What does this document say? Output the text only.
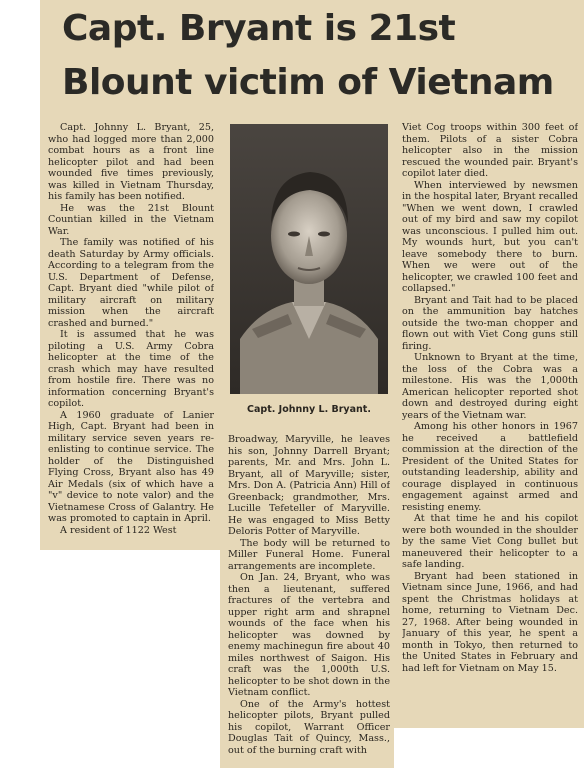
Capt. Bryant is 21st
Blount victim of Vietnam

Capt. Johnny L. Bryant, 25, who had logged more than 2,000 combat hours as a front line helicopter pilot and had been wounded five times previously, was killed in Vietnam Thursday, his family has been notified.

He was the 21st Blount Countian killed in the Vietnam War.

The family was notified of his death Saturday by Army officials. According to a telegram from the U.S. Department of Defense, Capt. Bryant died "while pilot of military aircraft on military mission when the aircraft crashed and burned."

It is assumed that he was piloting a U.S. Army Cobra helicopter at the time of the crash which may have resulted from hostile fire. There was no information concerning Bryant's copilot.

A 1960 graduate of Lanier High, Capt. Bryant had been in military service seven years re-enlisting to continue service. The holder of the Distinguished Flying Cross, Bryant also has 49 Air Medals (six of which have a "v" device to note valor) and the Vietnamese Cross of Galantry. He was promoted to captain in April.

A resident of 1122 West

Capt. Johnny L. Bryant.

Broadway, Maryville, he leaves his son, Johnny Darrell Bryant; parents, Mr. and Mrs. John L. Bryant, all of Maryville; sister, Mrs. Don A. (Patricia Ann) Hill of Greenback; grandmother, Mrs. Lucille Tefeteller of Maryville. He was engaged to Miss Betty Deloris Potter of Maryville.

The body will be returned to Miller Funeral Home. Funeral arrangements are incomplete.

On Jan. 24, Bryant, who was then a lieutenant, suffered fractures of the vertebra and upper right arm and shrapnel wounds of the face when his helicopter was downed by enemy machinegun fire about 40 miles northwest of Saigon. His craft was the 1,000th U.S. helicopter to be shot down in the Vietnam conflict.

One of the Army's hottest helicopter pilots, Bryant pulled his copilot, Warrant Officer Douglas Tait of Quincy, Mass., out of the burning craft with

Viet Cog troops within 300 feet of them. Pilots of a sister Cobra helicopter also in the mission rescued the wounded pair. Bryant's copilot later died.

When interviewed by newsmen in the hospital later, Bryant recalled "When we went down, I crawled out of my bird and saw my copilot was unconscious. I pulled him out. My wounds hurt, but you can't leave somebody there to burn. When we were out of the helicopter, we crawled 100 feet and collapsed."

Bryant and Tait had to be placed on the ammunition bay hatches outside the two-man chopper and flown out with Viet Cong guns still firing.

Unknown to Bryant at the time, the loss of the Cobra was a milestone. His was the 1,000th American helicopter reported shot down and destroyed during eight years of the Vietnam war.

Among his other honors in 1967 he received a battlefield commission at the direction of the President of the United States for outstanding leadership, ability and courage displayed in continuous engagement against armed and resisting enemy.

At that time he and his copilot were both wounded in the shoulder by the same Viet Cong bullet but maneuvered their helicopter to a safe landing.

Bryant had been stationed in Vietnam since June, 1966, and had spent the Christmas holidays at home, returning to Vietnam Dec. 27, 1968. After being wounded in January of this year, he spent a month in Tokyo, then returned to the United States in February and had left for Vietnam on May 15.
